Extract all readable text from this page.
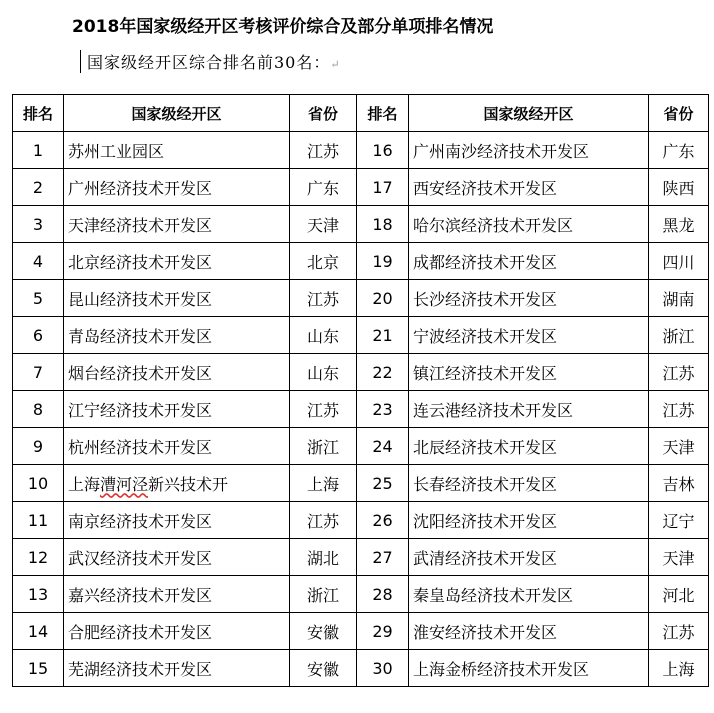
2018年国家级经开区考核评价综合及部分单项排名情况
国家级经开区综合排名前30名：↵
排名	国家级经开区	省份	排名	国家级经开区	省份
1	苏州工业园区	江苏	16	广州南沙经济技术开发区	广东
2	广州经济技术开发区	广东	17	西安经济技术开发区	陕西
3	天津经济技术开发区	天津	18	哈尔滨经济技术开发区	黑龙
4	北京经济技术开发区	北京	19	成都经济技术开发区	四川
5	昆山经济技术开发区	江苏	20	长沙经济技术开发区	湖南
6	青岛经济技术开发区	山东	21	宁波经济技术开发区	浙江
7	烟台经济技术开发区	山东	22	镇江经济技术开发区	江苏
8	江宁经济技术开发区	江苏	23	连云港经济技术开发区	江苏
9	杭州经济技术开发区	浙江	24	北辰经济技术开发区	天津
10	上海漕河泾新兴技术开	上海	25	长春经济技术开发区	吉林
11	南京经济技术开发区	江苏	26	沈阳经济技术开发区	辽宁
12	武汉经济技术开发区	湖北	27	武清经济技术开发区	天津
13	嘉兴经济技术开发区	浙江	28	秦皇岛经济技术开发区	河北
14	合肥经济技术开发区	安徽	29	淮安经济技术开发区	江苏
15	芜湖经济技术开发区	安徽	30	上海金桥经济技术开发区	上海
